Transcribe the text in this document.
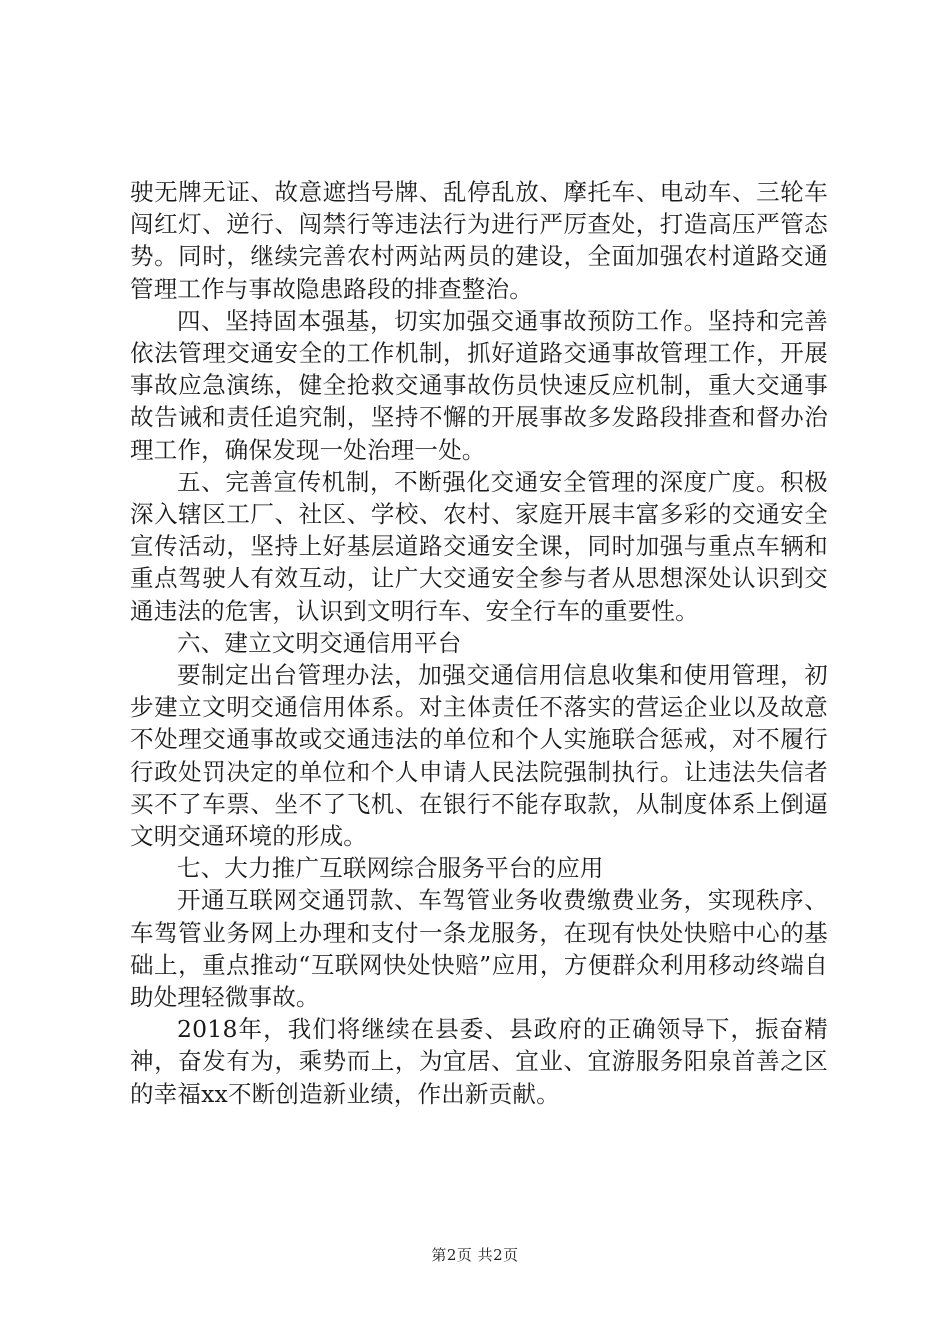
驶无牌无证、故意遮挡号牌、乱停乱放、摩托车、电动车、三轮车闯红灯、逆行、闯禁行等违法行为进行严厉查处，打造高压严管态势。同时，继续完善农村两站两员的建设，全面加强农村道路交通管理工作与事故隐患路段的排查整治。

四、坚持固本强基，切实加强交通事故预防工作。坚持和完善依法管理交通安全的工作机制，抓好道路交通事故管理工作，开展事故应急演练，健全抢救交通事故伤员快速反应机制，重大交通事故告诫和责任追究制，坚持不懈的开展事故多发路段排查和督办治理工作，确保发现一处治理一处。

五、完善宣传机制，不断强化交通安全管理的深度广度。积极深入辖区工厂、社区、学校、农村、家庭开展丰富多彩的交通安全宣传活动，坚持上好基层道路交通安全课，同时加强与重点车辆和重点驾驶人有效互动，让广大交通安全参与者从思想深处认识到交通违法的危害，认识到文明行车、安全行车的重要性。

六、建立文明交通信用平台

要制定出台管理办法，加强交通信用信息收集和使用管理，初步建立文明交通信用体系。对主体责任不落实的营运企业以及故意不处理交通事故或交通违法的单位和个人实施联合惩戒，对不履行行政处罚决定的单位和个人申请人民法院强制执行。让违法失信者买不了车票、坐不了飞机、在银行不能存取款，从制度体系上倒逼文明交通环境的形成。

七、大力推广互联网综合服务平台的应用

开通互联网交通罚款、车驾管业务收费缴费业务，实现秩序、车驾管业务网上办理和支付一条龙服务，在现有快处快赔中心的基础上，重点推动“互联网快处快赔”应用，方便群众利用移动终端自助处理轻微事故。

2018年，我们将继续在县委、县政府的正确领导下，振奋精神，奋发有为，乘势而上，为宜居、宜业、宜游服务阳泉首善之区的幸福xx不断创造新业绩，作出新贡献。

第2页 共2页
